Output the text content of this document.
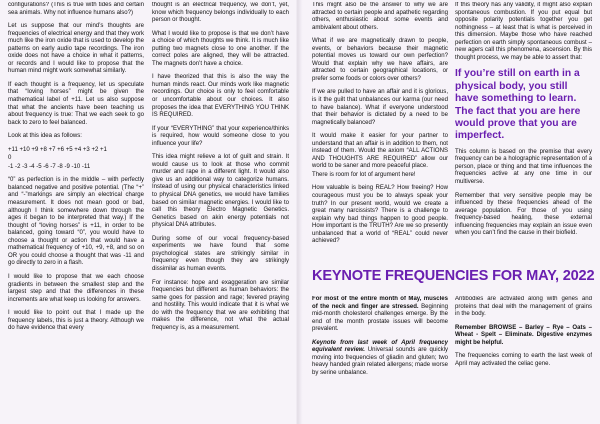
configurations? (This is true with tides and certain sea animals. Why not influence humans also?)

Let us suppose that our mind’s thoughts are frequencies of electrical energy and that they work much like the iron oxide that is used to develop the patterns on early audio tape recordings. The iron oxide does not have a choice in what it patterns, or records and I would like to propose that the human mind might work somewhat similarly.

If each thought is a frequency, let us speculate that “loving horses” might be given the mathematical label of +11. Let us also suppose that what the ancients have been teaching us about frequency is true: That we each seek to go back to zero to feel balanced.

Look at this idea as follows:

+11 +10 +9 +8 +7 +6 +5 +4 +3 +2 +1

0

-1 -2 -3 -4 -5 -6 -7 -8 -9 -10 -11

“0” as perfection is in the middle – with perfectly balanced negative and positive potential. (The “+” and “-”markings are simply an electrical charge measurement. It does not mean good or bad, although I think somewhere down through the ages it began to be interpreted that way.) If the thought of “loving horses” is +11, in order to be balanced, going toward “0”, you would have to choose a thought or action that would have a mathematical frequency of +10, +9, +8, and so on OR you could choose a thought that was -11 and go directly to zero in a flash.

I would like to propose that we each choose gradients in between the smallest step and the largest step and that the differences in these increments are what keep us looking for answers.

I would like to point out that I made up the frequency labels, this is just a theory. Although we do have evidence that every

thought is an electrical frequency, we don’t, yet, know which frequency belongs individually to each person or thought.

What I would like to propose is that we don’t have a choice of which thoughts we think. It is much like putting two magnets close to one another. If the correct poles are aligned, they will be attracted. The magnets don’t have a choice.

I have theorized that this is also the way the human minds react. Our minds work like magnetic recordings. Our choice is only to feel comfortable or uncomfortable about our choices. It also proposes the idea that EVERYTHING YOU THINK IS REQUIRED.

If your “EVERYTHING” that your experience/thinks is required, how would someone close to you influence your life?

This idea might relieve a lot of guilt and strain. It would cause us to look at those who commit murder and rape in a different light. It would also give us an additional way to categorize humans. Instead of using our physical characteristics linked to physical DNA genetics, we would have families based on similar magnetic energies. I would like to call this theory Electro Magnetic Genetics. Genetics based on akin energy potentials not physical DNA attributes.

During some of our vocal frequency-based experiments we have found that some psychological states are strikingly similar in frequency even though they are strikingly dissimilar as human events.

For instance: hope and exaggeration are similar frequencies but different as human behaviors: the same goes for passion and rage; fevered praying and hostility. This would indicate that it is what we do with the frequency that we are exhibiting that makes the difference, not what the actual frequency is, as a measurement.

This might also be the answer to why we are attracted to certain people and apathetic regarding others, enthusiastic about some events and ambivalent about others.

What if we are magnetically drawn to people, events, or behaviors because their magnetic potential moves us toward our own perfection? Would that explain why we have affairs, are attracted to certain geographical locations, or prefer some foods or colors over others?

If we are pulled to have an affair and it is glorious, is it the guilt that unbalances our karma (our need to have balance). What if everyone understood that their behavior is dictated by a need to be magnetically balanced?

It would make it easier for your partner to understand that an affair is in addition to them, not instead of them. Would the axiom “ALL ACTIONS AND THOUGHTS ARE REQUIRED” allow our world to be saner and more peaceful place.

There is room for lot of argument here!

How valuable is being REAL? How freeing? How courageous must you be to always speak your truth? In our present world, would we create a great many narcissists? There is a challenge to explain why bad things happen to good people. How important is the TRUTH? Are we so presently unbalanced that a world of “REAL” could never achieved?

If this theory has any validity, it might also explain spontaneous combustion. If you put equal but opposite polarity potentials together you get nothingness – at least that is what is perceived in this dimension. Maybe those who have reached perfection on earth simply spontaneous combust – new agers call this phenomena, ascension. By this thought process, we may be able to assert that:

If you’re still on earth in a physical body, you still have something to learn. The fact that you are here would prove that you are imperfect.

This column is based on the premise that every frequency can be a holographic representation of a person, place or thing and that time influences the frequencies active at any one time in our multiverse.

Remember that very sensitive people may be influenced by these frequencies ahead of the average population. For those of you using frequency-based healing, these external influencing frequencies may explain an issue even when you can’t find the cause in their biofield.

KEYNOTE FREQUENCIES FOR MAY, 2022

For most of the entire month of May, muscles of the neck and finger are stressed. Beginning mid-month cholesterol challenges emerge. By the end of the month prostate issues will become prevalent.

Keynote from last week of April frequency equivalent review. Universal sounds are quickly moving into frequencies of gliadin and gluten; two heavy handed grain related allergens; made worse by serine unbalance.

Antibodies are activated along with genes and proteins that deal with the management of grains in the body.

Remember BROWSE – Barley – Rye – Oats – Wheat - Spelt – Eliminate. Digestive enzymes might be helpful.

The frequencies coming to earth the last week of April may activated the celiac gene.
